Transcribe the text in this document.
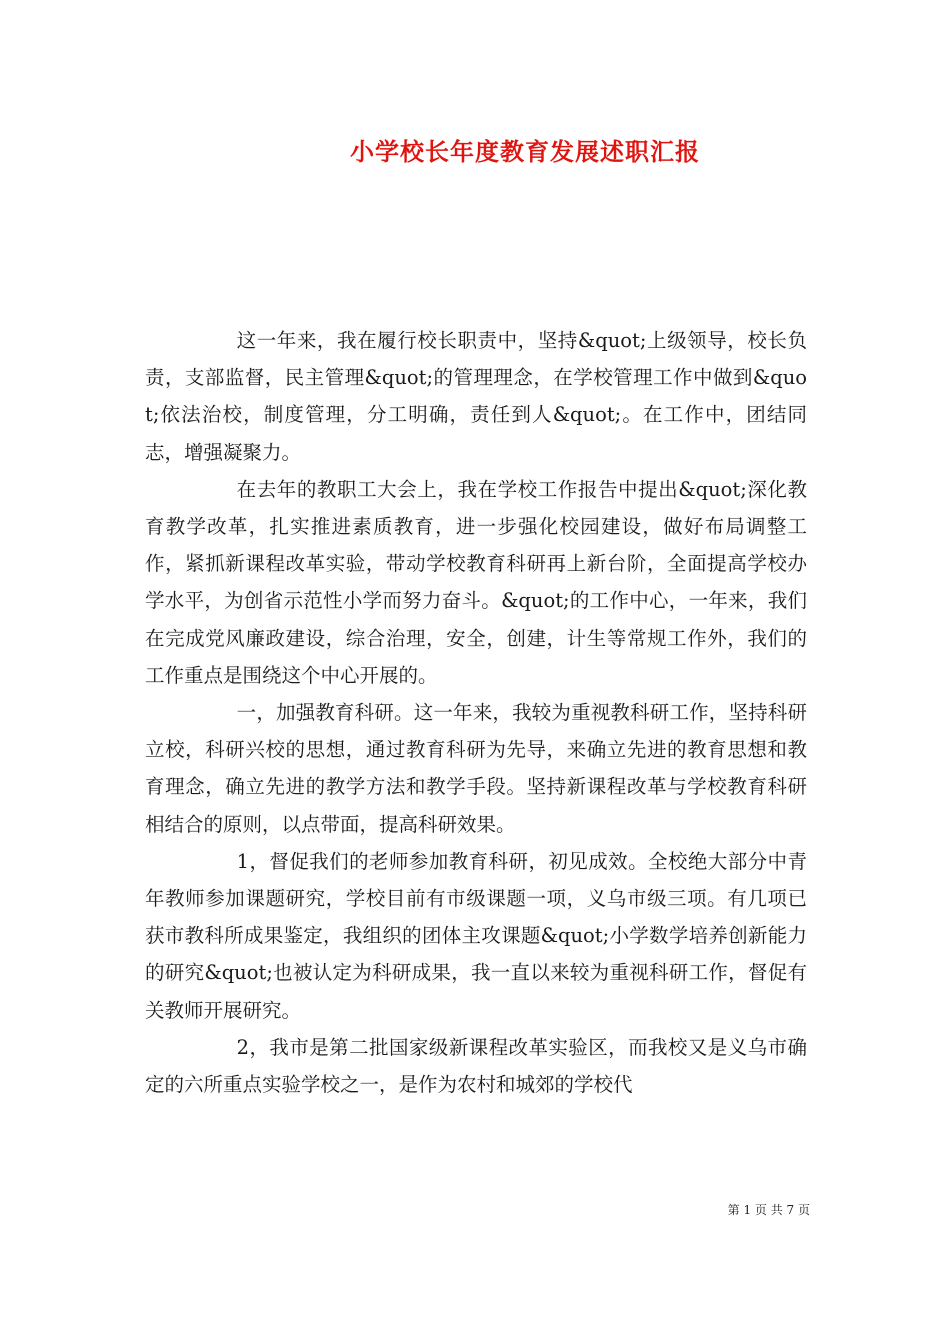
小学校长年度教育发展述职汇报

这一年来，我在履行校长职责中，坚持&quot;上级领导，校长负责，支部监督，民主管理&quot;的管理理念，在学校管理工作中做到&quot;依法治校，制度管理，分工明确，责任到人&quot;。在工作中，团结同志，增强凝聚力。

在去年的教职工大会上，我在学校工作报告中提出&quot;深化教育教学改革，扎实推进素质教育，进一步强化校园建设，做好布局调整工作，紧抓新课程改革实验，带动学校教育科研再上新台阶，全面提高学校办学水平，为创省示范性小学而努力奋斗。&quot;的工作中心，一年来，我们在完成党风廉政建设，综合治理，安全，创建，计生等常规工作外，我们的工作重点是围绕这个中心开展的。

一，加强教育科研。这一年来，我较为重视教科研工作，坚持科研立校，科研兴校的思想，通过教育科研为先导，来确立先进的教育思想和教育理念，确立先进的教学方法和教学手段。坚持新课程改革与学校教育科研相结合的原则，以点带面，提高科研效果。

1，督促我们的老师参加教育科研，初见成效。全校绝大部分中青年教师参加课题研究，学校目前有市级课题一项，义乌市级三项。有几项已获市教科所成果鉴定，我组织的团体主攻课题&quot;小学数学培养创新能力的研究&quot;也被认定为科研成果，我一直以来较为重视科研工作，督促有关教师开展研究。

2，我市是第二批国家级新课程改革实验区，而我校又是义乌市确定的六所重点实验学校之一，是作为农村和城郊的学校代

第 1 页 共 7 页
